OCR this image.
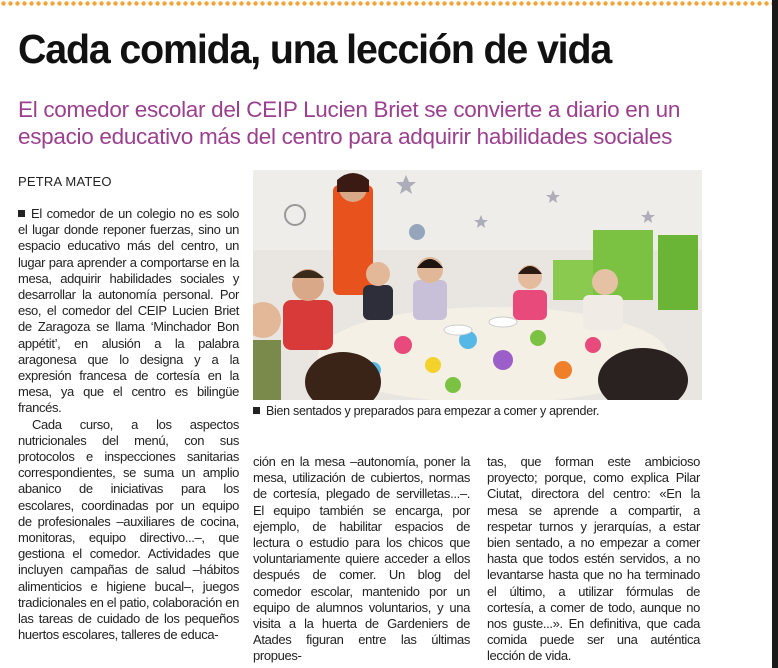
Cada comida, una lección de vida

El comedor escolar del CEIP Lucien Briet se convierte a diario en un espacio educativo más del centro para adquirir habilidades sociales

PETRA MATEO

El comedor de un colegio no es solo el lugar donde reponer fuerzas, sino un espacio educativo más del centro, un lugar para aprender a comportarse en la mesa, adquirir habilidades sociales y desarrollar la autonomía personal. Por eso, el comedor del CEIP Lucien Briet de Zaragoza se llama ‘Minchador Bon appétit’, en alusión a la palabra aragonesa que lo designa y a la expresión francesa de cortesía en la mesa, ya que el centro es bilingüe francés.

Cada curso, a los aspectos nutricionales del menú, con sus protocolos e inspecciones sanitarias correspondientes, se suma un amplio abanico de iniciativas para los escolares, coordinadas por un equipo de profesionales –auxiliares de cocina, monitoras, equipo directivo...–, que gestiona el comedor. Actividades que incluyen campañas de salud –hábitos alimenticios e higiene bucal–, juegos tradicionales en el patio, colaboración en las tareas de cuidado de los pequeños huertos escolares, talleres de educa-

Bien sentados y preparados para empezar a comer y aprender.

ción en la mesa –autonomía, poner la mesa, utilización de cubiertos, normas de cortesía, plegado de servilletas...–. El equipo también se encarga, por ejemplo, de habilitar espacios de lectura o estudio para los chicos que voluntariamente quiere acceder a ellos después de comer. Un blog del comedor escolar, mantenido por un equipo de alumnos voluntarios, y una visita a la huerta de Gardeniers de Atades figuran entre las últimas propues-

tas, que forman este ambicioso proyecto; porque, como explica Pilar Ciutat, directora del centro: «En la mesa se aprende a compartir, a respetar turnos y jerarquías, a estar bien sentado, a no empezar a comer hasta que todos estén servidos, a no levantarse hasta que no ha terminado el último, a utilizar fórmulas de cortesía, a comer de todo, aunque no nos guste...». En definitiva, que cada comida puede ser una auténtica lección de vida.
